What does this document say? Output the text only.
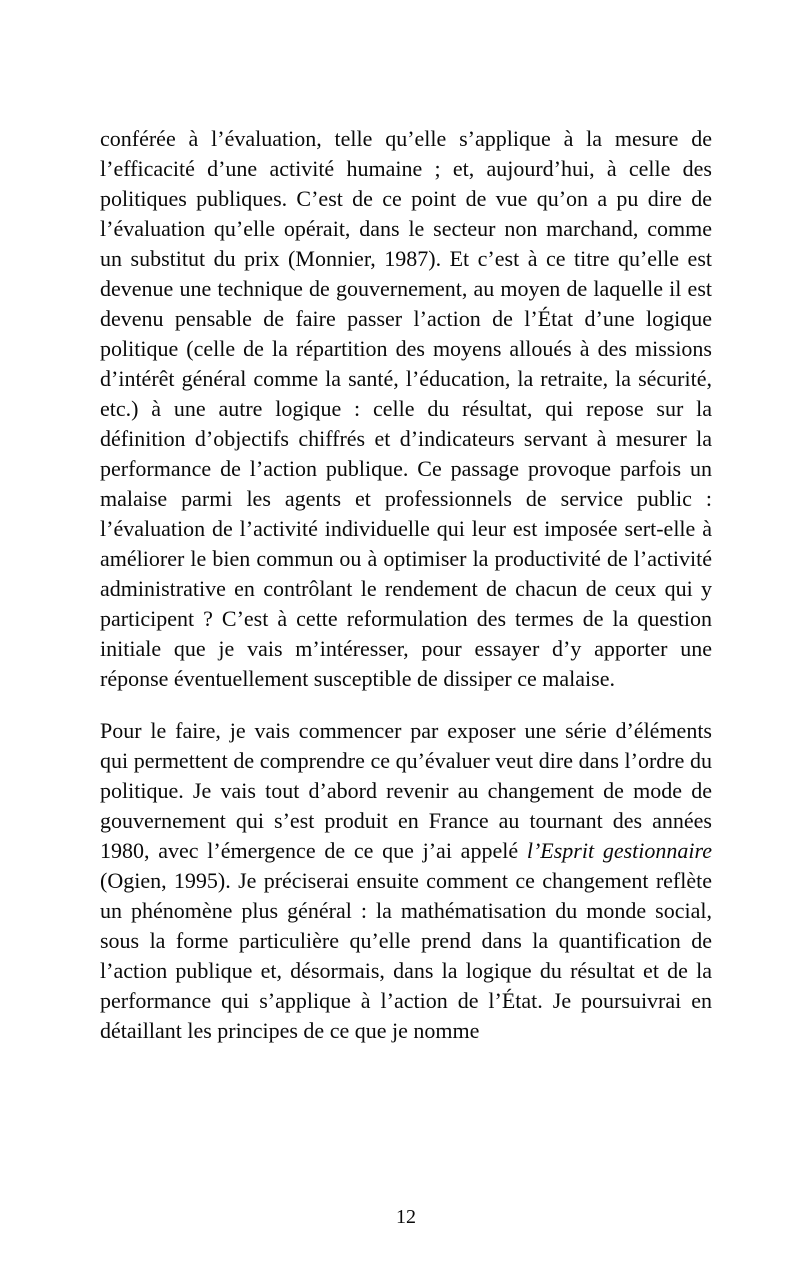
conférée à l’évaluation, telle qu’elle s’applique à la mesure de l’efficacité d’une activité humaine ; et, aujourd’hui, à celle des politiques publiques. C’est de ce point de vue qu’on a pu dire de l’évaluation qu’elle opérait, dans le secteur non marchand, comme un substitut du prix (Monnier, 1987). Et c’est à ce titre qu’elle est devenue une technique de gouvernement, au moyen de laquelle il est devenu pensable de faire passer l’action de l’État d’une logique politique (celle de la répartition des moyens alloués à des missions d’intérêt général comme la santé, l’éducation, la retraite, la sécurité, etc.) à une autre logique : celle du résultat, qui repose sur la définition d’objectifs chiffrés et d’indicateurs servant à mesurer la performance de l’action publique. Ce passage provoque parfois un malaise parmi les agents et professionnels de service public : l’évaluation de l’activité individuelle qui leur est imposée sert-elle à améliorer le bien commun ou à optimiser la productivité de l’activité administrative en contrôlant le rendement de chacun de ceux qui y participent ? C’est à cette reformulation des termes de la question initiale que je vais m’intéresser, pour essayer d’y apporter une réponse éventuellement susceptible de dissiper ce malaise.

Pour le faire, je vais commencer par exposer une série d’éléments qui permettent de comprendre ce qu’évaluer veut dire dans l’ordre du politique. Je vais tout d’abord revenir au changement de mode de gouvernement qui s’est produit en France au tournant des années 1980, avec l’émergence de ce que j’ai appelé l’Esprit gestionnaire (Ogien, 1995). Je préciserai ensuite comment ce changement reflète un phénomène plus général : la mathématisation du monde social, sous la forme particulière qu’elle prend dans la quantification de l’action publique et, désormais, dans la logique du résultat et de la performance qui s’applique à l’action de l’État. Je poursuivrai en détaillant les principes de ce que je nomme

12
